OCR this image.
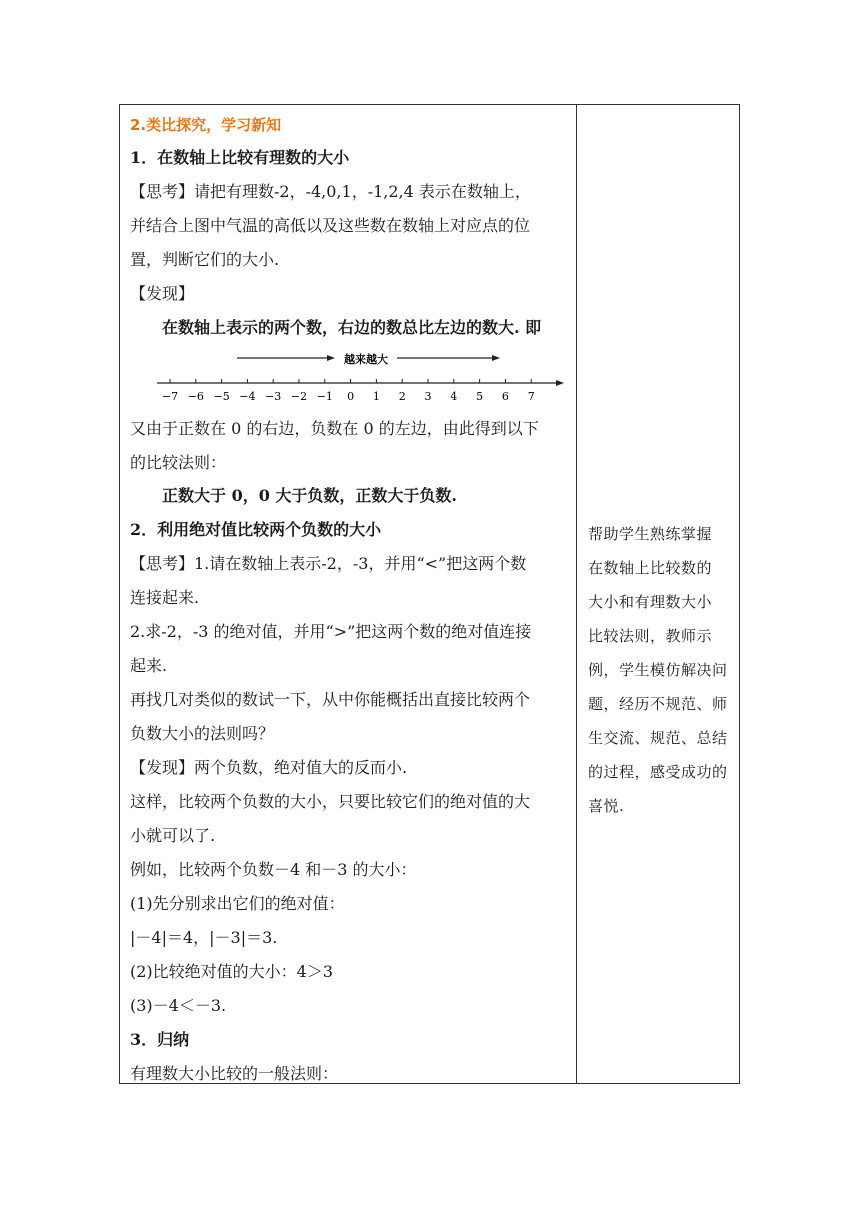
2.类比探究，学习新知
1．在数轴上比较有理数的大小
【思考】请把有理数-2，-4,0,1，-1,2,4 表示在数轴上，
并结合上图中气温的高低以及这些数在数轴上对应点的位
置，判断它们的大小.
【发现】
在数轴上表示的两个数，右边的数总比左边的数大. 即
越来越大
−7 −6 −5 −4 −3 −2 −1 0 1 2 3 4 5 6 7
又由于正数在 0 的右边，负数在 0 的左边，由此得到以下
的比较法则：
正数大于 0，0 大于负数，正数大于负数.
2．利用绝对值比较两个负数的大小
【思考】1.请在数轴上表示-2，-3，并用“<”把这两个数
连接起来.
2.求-2，-3 的绝对值，并用“>”把这两个数的绝对值连接
起来.
再找几对类似的数试一下，从中你能概括出直接比较两个
负数大小的法则吗？
【发现】两个负数，绝对值大的反而小.
这样，比较两个负数的大小，只要比较它们的绝对值的大
小就可以了.
例如，比较两个负数－4 和－3 的大小：
(1)先分别求出它们的绝对值：
|－4|＝4，|－3|＝3.
(2)比较绝对值的大小：4＞3
(3)－4＜－3.
3．归纳
有理数大小比较的一般法则：
帮助学生熟练掌握
在数轴上比较数的
大小和有理数大小
比较法则，教师示
例，学生模仿解决问
题，经历不规范、师
生交流、规范、总结
的过程，感受成功的
喜悦.
